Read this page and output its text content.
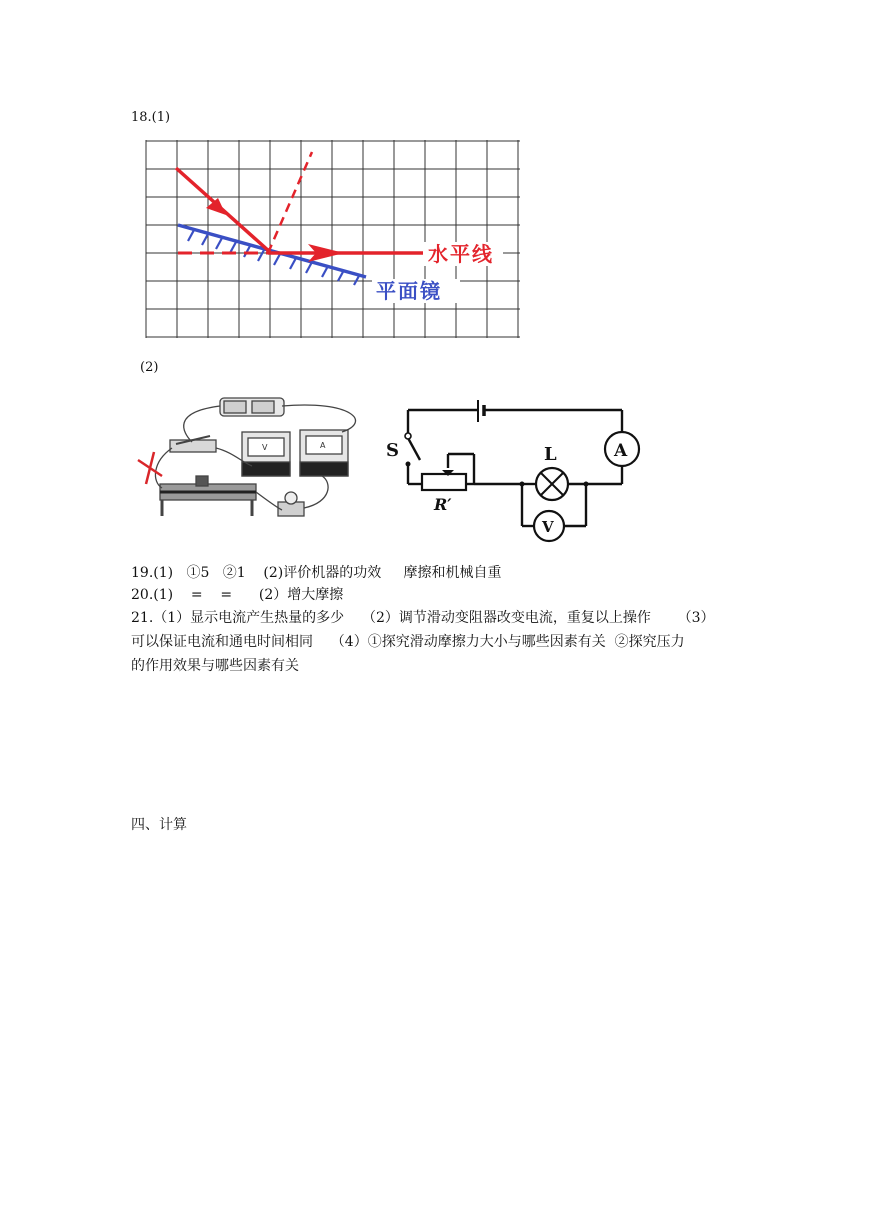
18.(1)
水平线
平面镜
(2)
V	A	S	L	A
V
R′
19.(1)   ①5   ②1    (2)评价机器的功效     摩擦和机械自重
20.(1)    =    =      (2）增大摩擦
21.（1）显示电流产生热量的多少    （2）调节滑动变阻器改变电流，重复以上操作      （3）
可以保证电流和通电时间相同    （4）①探究滑动摩擦力大小与哪些因素有关  ②探究压力
的作用效果与哪些因素有关
四、计算
